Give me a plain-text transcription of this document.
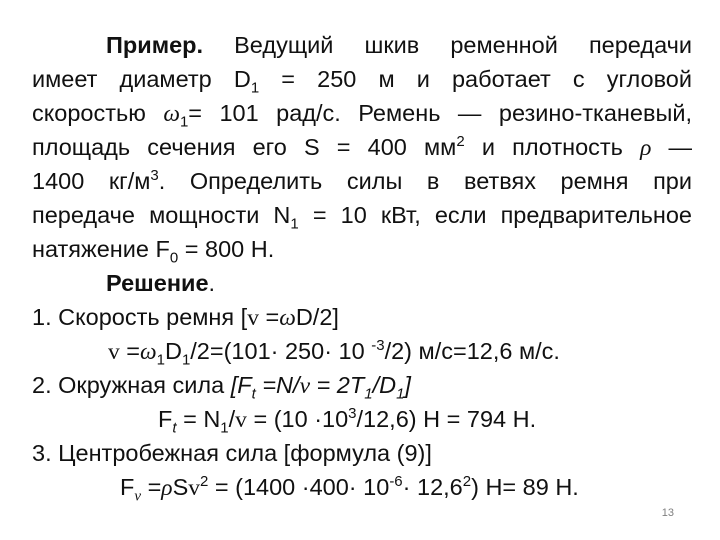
Пример. Ведущий шкив ременной передачи
имеет диаметр $D_1 = 250$ м и работает с угловой
скоростью $\omega_1= 101$ рад/с. Ремень — резино-тканевый,
площадь сечения его S = 400 $мм^2$ и плотность ρ —
1400 $кг/м^3$. Определить силы в ветвях ремня при
передаче мощности $N_1 = 10$ кВт, если предварительное
натяжение $F_0 = 800$ Н.
Решение.
1. Скорость ремня [v =ωD/2]
$v =\omega_1D_1/2=(101\cdot 250\cdot 10$ $^{-3}$/2) м/с=12,6 м/с.
2. Окружная сила $[F_t =N/v = 2T_1/D_1]$
$F_t = N_1/v = (10 \cdot 10^3/12,6) Н = 794$ Н.
3. Центробежная сила [формула (9)]
$F_v =\rho Sv^2 = (1400 \cdot 400\cdot 10^{-6}\cdot 12,6^2)$ Н= 89 Н.
13
